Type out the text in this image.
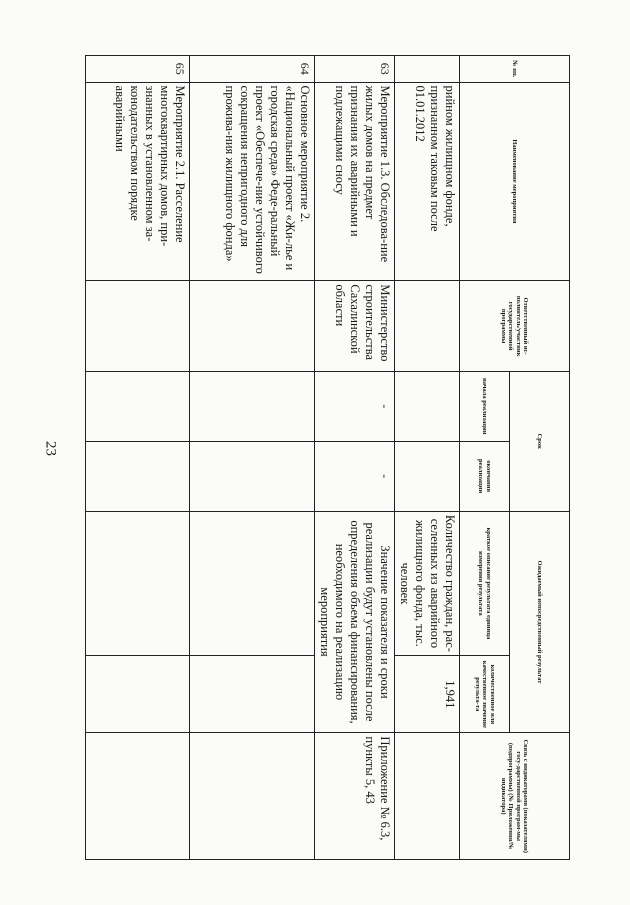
23
№ пп.	Наименование мероприятия	Ответственный ис-полнитель/участник государственной программы	Срок		Ожидаемый непосредственный результат		Связь с индикаторами (показателями) госу-дарственной програм-мы (подпрограммы) (№ Приложения/№ индикатора)
			начала реализации	окончания реализации	краткое описание результата единица измерения результата	количественное или качественное значение результа-та	
	рийном жилищном фонде, признанном таковым после 01.01.2012				Количество граждан, рас-селенных из аварийного жилищного фонда, тыс. человек	1,941	
63	Мероприятие 1.3. Обследова-ние жилых домов на предмет признания их аварийными и подлежащими сносу	Министерство строительства Сахалинской области	-	-	Значение показателя и сроки реализации будут установлены после определения объема финансирования, необходимого на реализацию мероприятия		Приложение № 6.3, пункты 5, 43
64	Основное мероприятие 2. «Национальный проект «Жи-лье и городская среда» Феде-ральный проект «Обеспече-ние устойчивого сокращения непригодного для прожива-ния жилищного фонда»						
65	Мероприятие 2.1. Расселение многоквартирных домов, при-знанных в установленном за-конодательством порядке аварийными						
